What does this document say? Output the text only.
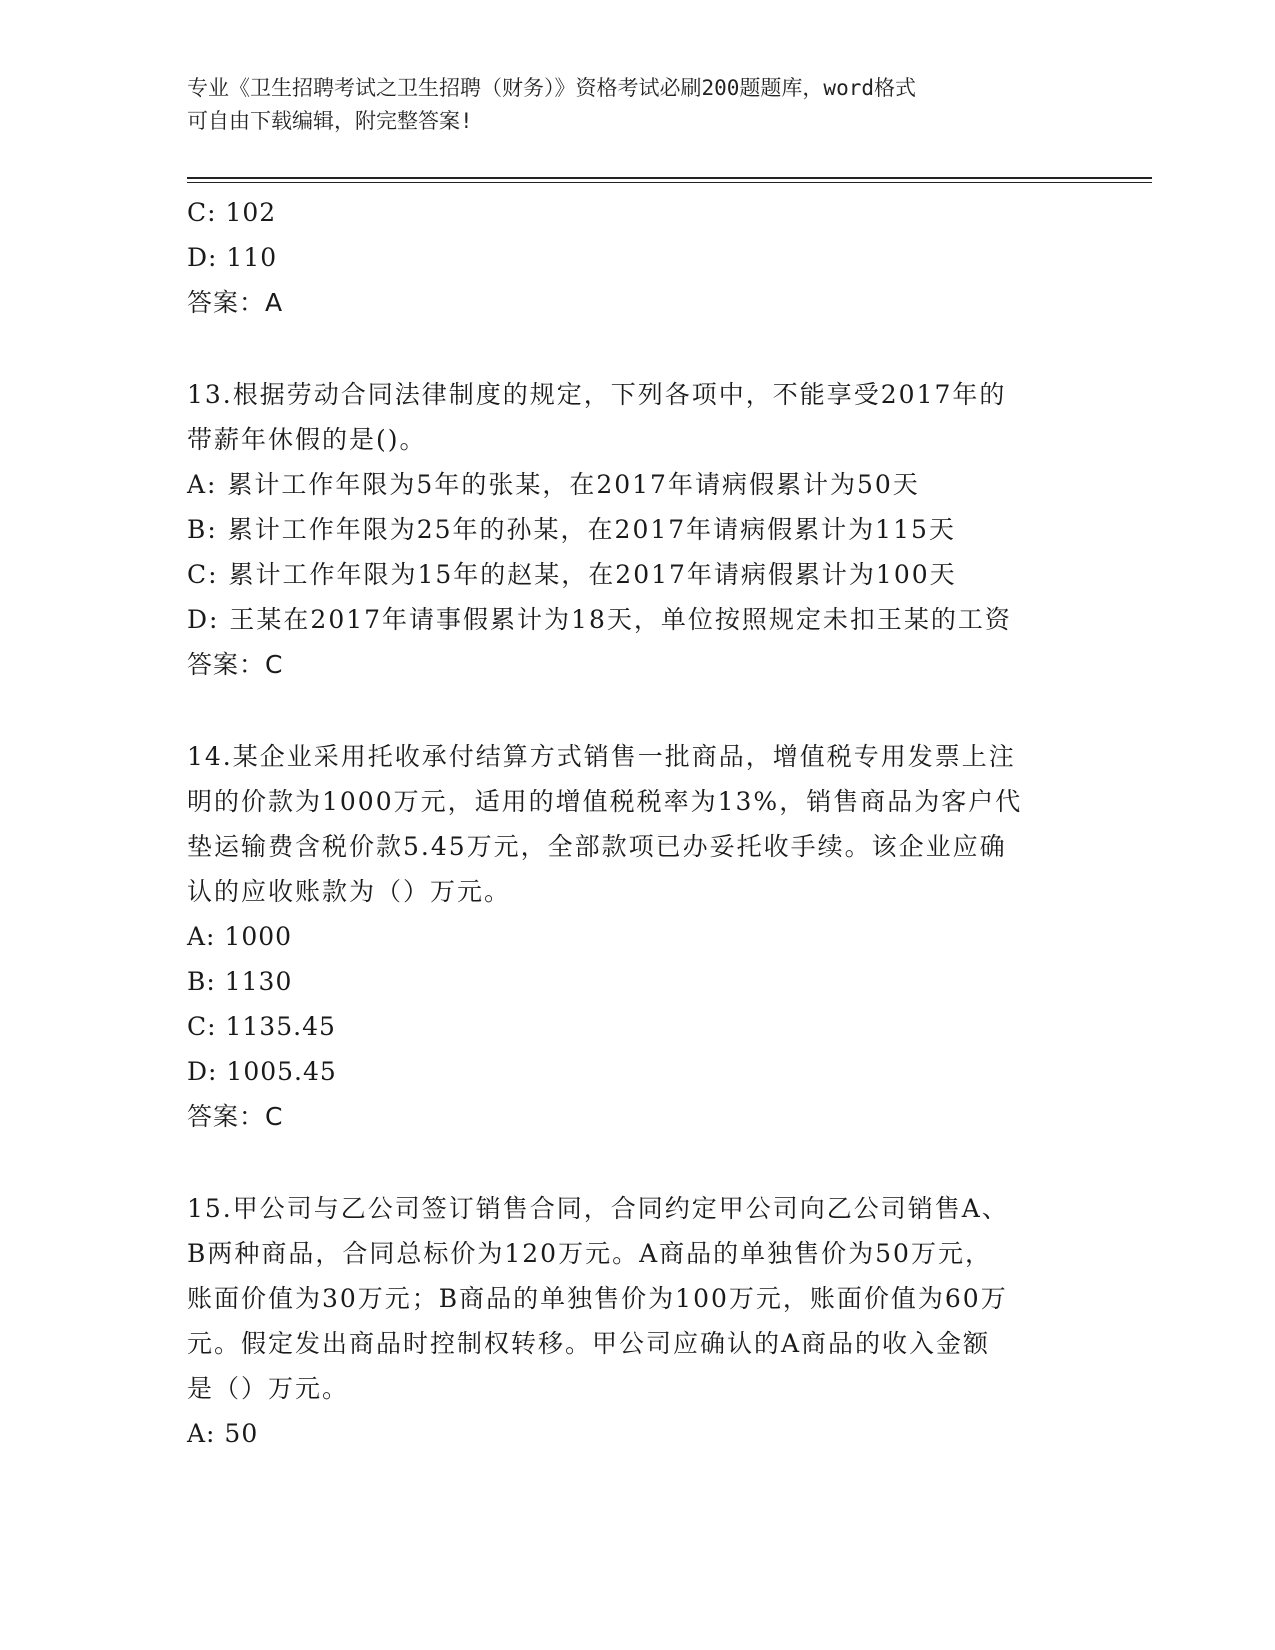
专业《卫生招聘考试之卫生招聘（财务）》资格考试必刷200题题库，word格式
可自由下载编辑，附完整答案!
C: 102
D: 110
答案：A
13.根据劳动合同法律制度的规定，下列各项中，不能享受2017年的
带薪年休假的是()。
A: 累计工作年限为5年的张某，在2017年请病假累计为50天
B: 累计工作年限为25年的孙某，在2017年请病假累计为115天
C: 累计工作年限为15年的赵某，在2017年请病假累计为100天
D: 王某在2017年请事假累计为18天，单位按照规定未扣王某的工资
答案：C
14.某企业采用托收承付结算方式销售一批商品，增值税专用发票上注
明的价款为1000万元，适用的增值税税率为13%，销售商品为客户代
垫运输费含税价款5.45万元，全部款项已办妥托收手续。该企业应确
认的应收账款为（）万元。
A: 1000
B: 1130
C: 1135.45
D: 1005.45
答案：C
15.甲公司与乙公司签订销售合同，合同约定甲公司向乙公司销售A、
B两种商品，合同总标价为120万元。A商品的单独售价为50万元，
账面价值为30万元；B商品的单独售价为100万元，账面价值为60万
元。假定发出商品时控制权转移。甲公司应确认的A商品的收入金额
是（）万元。
A: 50
